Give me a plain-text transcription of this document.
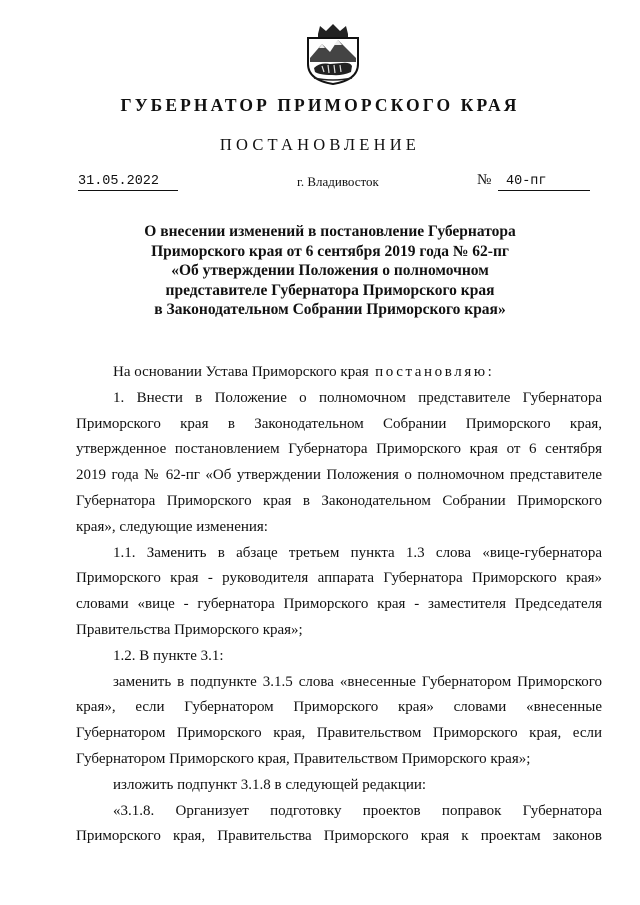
ГУБЕРНАТОР ПРИМОРСКОГО КРАЯ
ПОСТАНОВЛЕНИЕ
31.05.2022	г. Владивосток	№	40-пг
О внесении изменений в постановление Губернатора
Приморского края от 6 сентября 2019 года № 62-пг
«Об утверждении Положения о полномочном
представителе Губернатора Приморского края
в Законодательном Собрании Приморского края»
На основании Устава Приморского края постановляю:
1. Внести в Положение о полномочном представителе Губернатора
Приморского края в Законодательном Собрании Приморского края,
утвержденное постановлением Губернатора Приморского края от 6 сентября
2019 года № 62-пг «Об утверждении Положения о полномочном представителе
Губернатора Приморского края в Законодательном Собрании Приморского
края», следующие изменения:
1.1. Заменить в абзаце третьем пункта 1.3 слова «вице-губернатора
Приморского края - руководителя аппарата Губернатора Приморского края»
словами «вице - губернатора Приморского края - заместителя Председателя
Правительства Приморского края»;
1.2. В пункте 3.1:
заменить в подпункте 3.1.5 слова «внесенные Губернатором Приморского
края», если Губернатором Приморского края» словами «внесенные
Губернатором Приморского края, Правительством Приморского края, если
Губернатором Приморского края, Правительством Приморского края»;
изложить подпункт 3.1.8 в следующей редакции:
«3.1.8. Организует подготовку проектов поправок Губернатора
Приморского края, Правительства Приморского края к проектам законов
